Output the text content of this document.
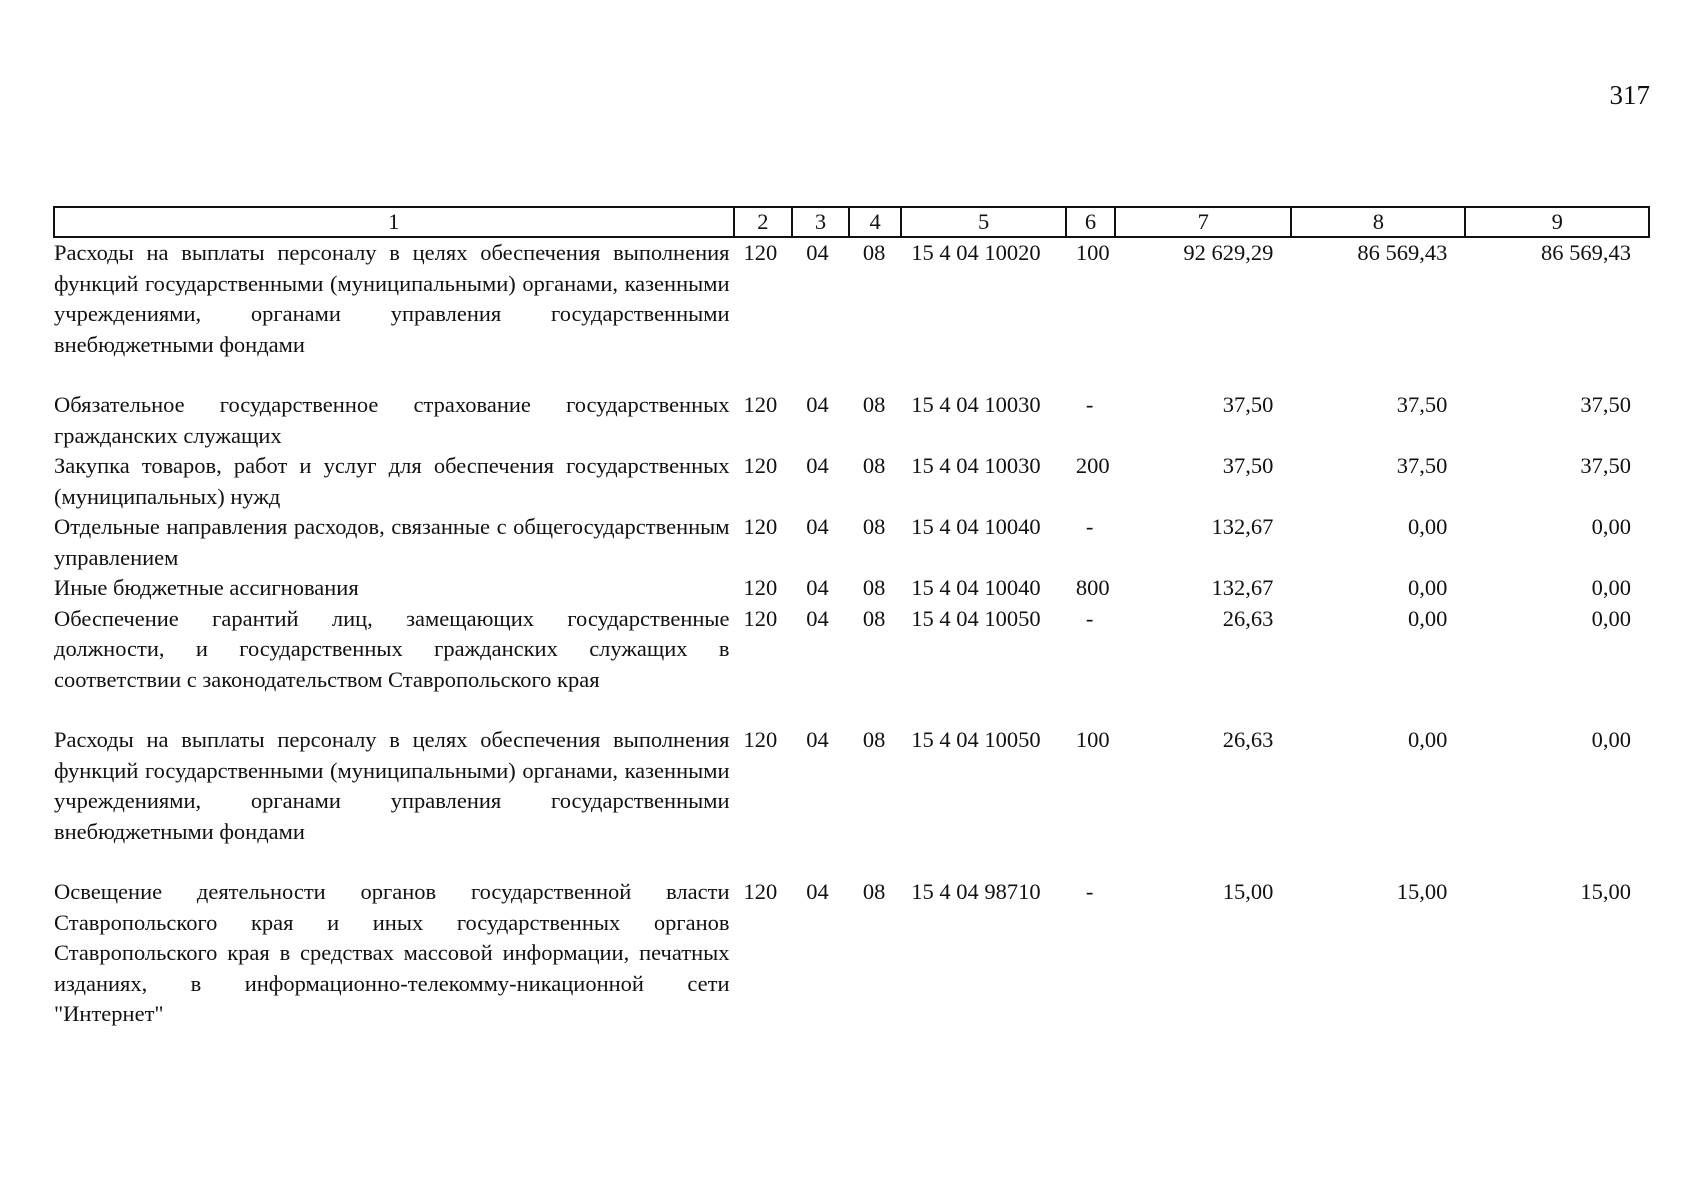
317
1	2	3	4	5	6	7	8	9
Расходы на выплаты персоналу в целях обеспечения выполнения функций государственными (муниципальными) органами, казенными учреждениями, органами управления государственными внебюджетными фондами	120	04	08	15 4 04 10020	100	92 629,29	86 569,43	86 569,43
Обязательное государственное страхование государственных гражданских служащих	120	04	08	15 4 04 10030	-	37,50	37,50	37,50
Закупка товаров, работ и услуг для обеспечения государственных (муниципальных) нужд	120	04	08	15 4 04 10030	200	37,50	37,50	37,50
Отдельные направления расходов, связанные с общегосударственным управлением	120	04	08	15 4 04 10040	-	132,67	0,00	0,00
Иные бюджетные ассигнования	120	04	08	15 4 04 10040	800	132,67	0,00	0,00
Обеспечение гарантий лиц, замещающих государственные должности, и государственных гражданских служащих в соответствии с законодательством Ставропольского края	120	04	08	15 4 04 10050	-	26,63	0,00	0,00
Расходы на выплаты персоналу в целях обеспечения выполнения функций государственными (муниципальными) органами, казенными учреждениями, органами управления государственными внебюджетными фондами	120	04	08	15 4 04 10050	100	26,63	0,00	0,00
Освещение деятельности органов государственной власти Ставропольского края и иных государственных органов Ставропольского края в средствах массовой информации, печатных изданиях, в информационно-телекомму-никационной сети "Интернет"	120	04	08	15 4 04 98710	-	15,00	15,00	15,00
